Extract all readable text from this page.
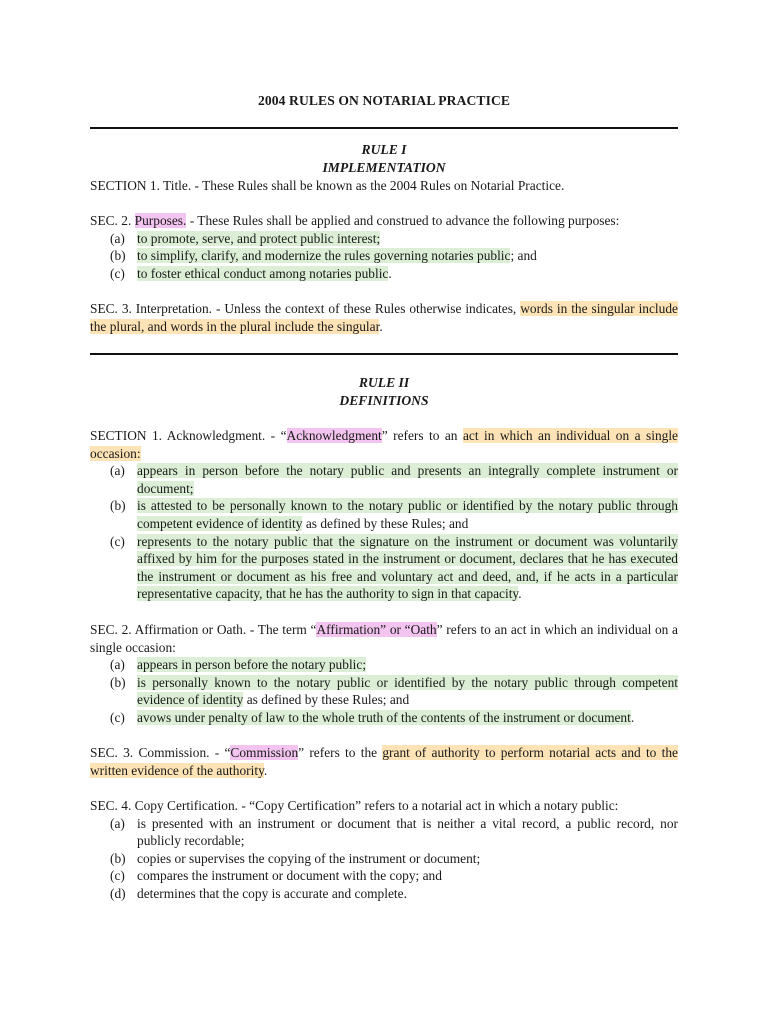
2004 RULES ON NOTARIAL PRACTICE
RULE I
IMPLEMENTATION

SECTION 1. Title. - These Rules shall be known as the 2004 Rules on Notarial Practice.

SEC. 2. Purposes. - These Rules shall be applied and construed to advance the following purposes:

(a) to promote, serve, and protect public interest;
(b) to simplify, clarify, and modernize the rules governing notaries public; and
(c) to foster ethical conduct among notaries public.

SEC. 3. Interpretation. - Unless the context of these Rules otherwise indicates, words in the singular include the plural, and words in the plural include the singular.

RULE II
DEFINITIONS

SECTION 1. Acknowledgment. - “Acknowledgment” refers to an act in which an individual on a single occasion:

(a) appears in person before the notary public and presents an integrally complete instrument or document;
(b) is attested to be personally known to the notary public or identified by the notary public through competent evidence of identity as defined by these Rules; and
(c) represents to the notary public that the signature on the instrument or document was voluntarily affixed by him for the purposes stated in the instrument or document, declares that he has executed the instrument or document as his free and voluntary act and deed, and, if he acts in a particular representative capacity, that he has the authority to sign in that capacity.

SEC. 2. Affirmation or Oath. - The term “Affirmation” or “Oath” refers to an act in which an individual on a single occasion:

(a) appears in person before the notary public;
(b) is personally known to the notary public or identified by the notary public through competent evidence of identity as defined by these Rules; and
(c) avows under penalty of law to the whole truth of the contents of the instrument or document.

SEC. 3. Commission. - “Commission” refers to the grant of authority to perform notarial acts and to the written evidence of the authority.

SEC. 4. Copy Certification. - “Copy Certification” refers to a notarial act in which a notary public:

(a) is presented with an instrument or document that is neither a vital record, a public record, nor publicly recordable;
(b) copies or supervises the copying of the instrument or document;
(c) compares the instrument or document with the copy; and
(d) determines that the copy is accurate and complete.
